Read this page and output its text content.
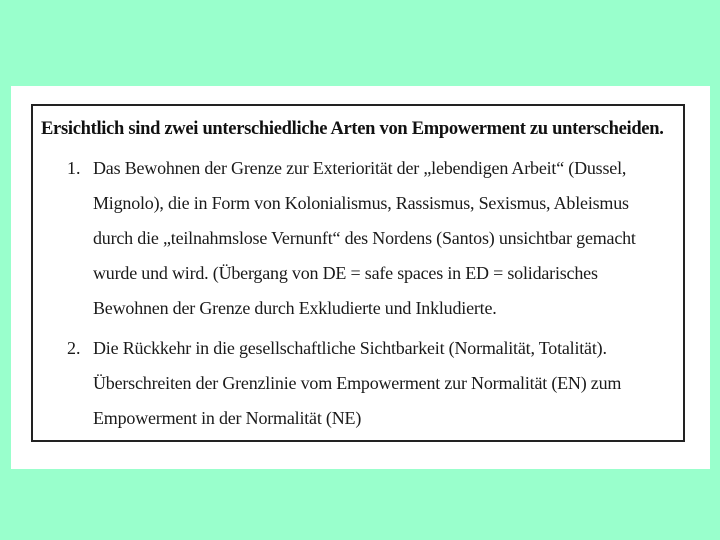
Ersichtlich sind zwei unterschiedliche Arten von Empowerment zu unterscheiden.
1. Das Bewohnen der Grenze zur Exteriorität der „lebendigen Arbeit“ (Dussel,
Mignolo), die in Form von Kolonialismus, Rassismus, Sexismus, Ableismus
durch die „teilnahmslose Vernunft“ des Nordens (Santos) unsichtbar gemacht
wurde und wird. (Übergang von DE = safe spaces in ED = solidarisches
Bewohnen der Grenze durch Exkludierte und Inkludierte.
2. Die Rückkehr in die gesellschaftliche Sichtbarkeit (Normalität, Totalität).
Überschreiten der Grenzlinie vom Empowerment zur Normalität (EN) zum
Empowerment in der Normalität (NE)
